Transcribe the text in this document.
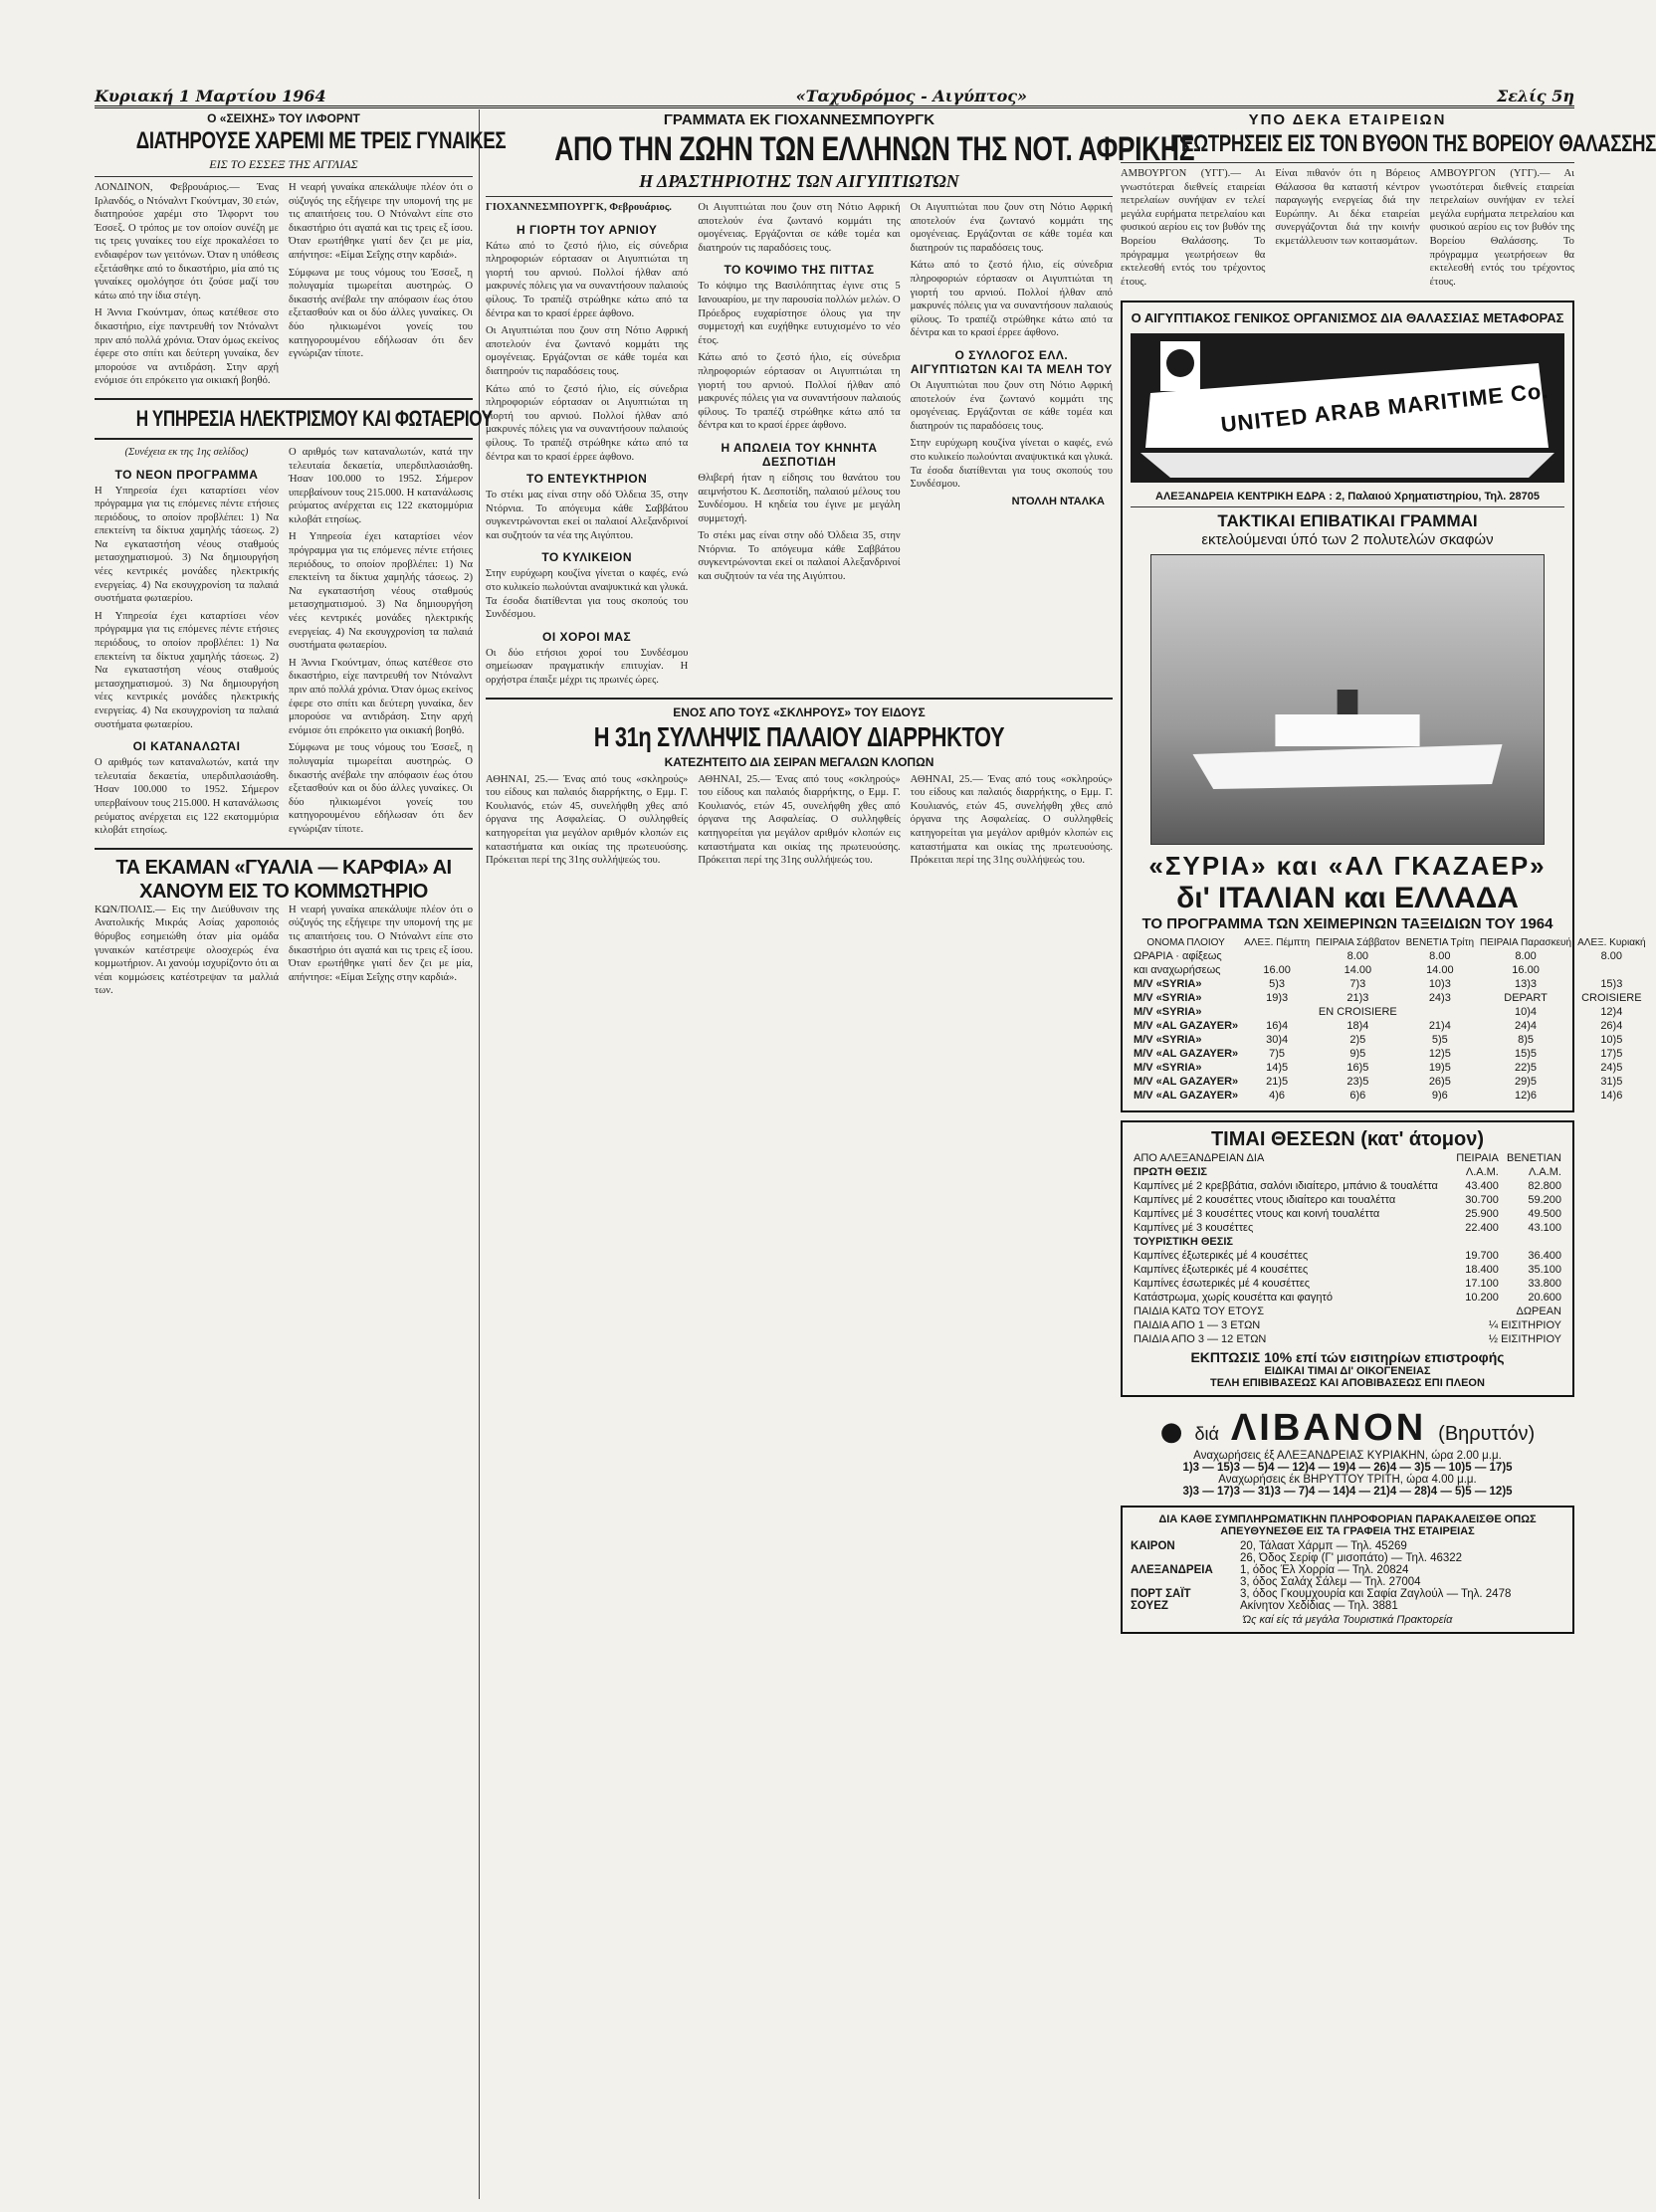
Κυριακή 1 Μαρτίου 1964	«Ταχυδρόμος - Αιγύπτος»	Σελίς 5η
Ο «ΣΕΙΧΗΣ» ΤΟΥ ΙΛΦΟΡΝΤ
ΔΙΑΤΗΡΟΥΣΕ ΧΑΡΕΜΙ ΜΕ ΤΡΕΙΣ ΓΥΝΑΙΚΕΣ
ΕΙΣ ΤΟ ΕΣΣΕΞ ΤΗΣ ΑΓΓΛΙΑΣ

ΛΟΝΔΙΝΟΝ, Φεβρουάριος.— Ένας Ιρλανδός, ο Ντόναλντ Γκούντμαν, 30 ετών, διατηρούσε χαρέμι στο Ίλφορντ του Έσσεξ. Ο τρόπος με τον οποίον συνέζη με τις τρεις γυναίκες του είχε προκαλέσει το ενδιαφέρον των γειτόνων. Όταν η υπόθεσις εξετάσθηκε από το δικαστήριο, μία από τις γυναίκες ομολόγησε ότι ζούσε μαζί του κάτω από την ίδια στέγη.

Η Άννια Γκούντμαν, όπως κατέθεσε στο δικαστήριο, είχε παντρευθή τον Ντόναλντ πριν από πολλά χρόνια. Όταν όμως εκείνος έφερε στο σπίτι και δεύτερη γυναίκα, δεν μπορούσε να αντιδράση. Στην αρχή ενόμισε ότι επρόκειτο για οικιακή βοηθό.

Η νεαρή γυναίκα απεκάλυψε πλέον ότι ο σύζυγός της εξήγειρε την υπομονή της με τις απαιτήσεις του. Ο Ντόναλντ είπε στο δικαστήριο ότι αγαπά και τις τρεις εξ ίσου. Όταν ερωτήθηκε γιατί δεν ζει με μία, απήντησε: «Είμαι Σεΐχης στην καρδιά».

Σύμφωνα με τους νόμους του Έσσεξ, η πολυγαμία τιμωρείται αυστηρώς. Ο δικαστής ανέβαλε την απόφασιν έως ότου εξετασθούν και οι δύο άλλες γυναίκες. Οι δύο ηλικιωμένοι γονείς του κατηγορουμένου εδήλωσαν ότι δεν εγνώριζαν τίποτε.

Η ΥΠΗΡΕΣΙΑ ΗΛΕΚΤΡΙΣΜΟΥ ΚΑΙ ΦΩΤΑΕΡΙΟΥ

(Συνέχεια εκ της 1ης σελίδος)

ΤΟ ΝΕΟΝ ΠΡΟΓΡΑΜΜΑ

Η Υπηρεσία έχει καταρτίσει νέον πρόγραμμα για τις επόμενες πέντε ετήσιες περιόδους, το οποίον προβλέπει: 1) Να επεκτείνη τα δίκτυα χαμηλής τάσεως. 2) Να εγκαταστήση νέους σταθμούς μετασχηματισμού. 3) Να δημιουργήση νέες κεντρικές μονάδες ηλεκτρικής ενεργείας. 4) Να εκσυγχρονίση τα παλαιά συστήματα φωταερίου.

Η Υπηρεσία έχει καταρτίσει νέον πρόγραμμα για τις επόμενες πέντε ετήσιες περιόδους, το οποίον προβλέπει: 1) Να επεκτείνη τα δίκτυα χαμηλής τάσεως. 2) Να εγκαταστήση νέους σταθμούς μετασχηματισμού. 3) Να δημιουργήση νέες κεντρικές μονάδες ηλεκτρικής ενεργείας. 4) Να εκσυγχρονίση τα παλαιά συστήματα φωταερίου.

ΟΙ ΚΑΤΑΝΑΛΩΤΑΙ

Ο αριθμός των καταναλωτών, κατά την τελευταία δεκαετία, υπερδιπλασιάσθη. Ήσαν 100.000 το 1952. Σήμερον υπερβαίνουν τους 215.000. Η κατανάλωσις ρεύματος ανέρχεται εις 122 εκατομμύρια κιλοβάτ ετησίως.

Ο αριθμός των καταναλωτών, κατά την τελευταία δεκαετία, υπερδιπλασιάσθη. Ήσαν 100.000 το 1952. Σήμερον υπερβαίνουν τους 215.000. Η κατανάλωσις ρεύματος ανέρχεται εις 122 εκατομμύρια κιλοβάτ ετησίως.

Η Υπηρεσία έχει καταρτίσει νέον πρόγραμμα για τις επόμενες πέντε ετήσιες περιόδους, το οποίον προβλέπει: 1) Να επεκτείνη τα δίκτυα χαμηλής τάσεως. 2) Να εγκαταστήση νέους σταθμούς μετασχηματισμού. 3) Να δημιουργήση νέες κεντρικές μονάδες ηλεκτρικής ενεργείας. 4) Να εκσυγχρονίση τα παλαιά συστήματα φωταερίου.

Η Άννια Γκούντμαν, όπως κατέθεσε στο δικαστήριο, είχε παντρευθή τον Ντόναλντ πριν από πολλά χρόνια. Όταν όμως εκείνος έφερε στο σπίτι και δεύτερη γυναίκα, δεν μπορούσε να αντιδράση. Στην αρχή ενόμισε ότι επρόκειτο για οικιακή βοηθό.

Σύμφωνα με τους νόμους του Έσσεξ, η πολυγαμία τιμωρείται αυστηρώς. Ο δικαστής ανέβαλε την απόφασιν έως ότου εξετασθούν και οι δύο άλλες γυναίκες. Οι δύο ηλικιωμένοι γονείς του κατηγορουμένου εδήλωσαν ότι δεν εγνώριζαν τίποτε.

ΤΑ ΕΚΑΜΑΝ «ΓΥΑΛΙΑ — ΚΑΡΦΙΑ» ΑΙ ΧΑΝΟΥΜ ΕΙΣ ΤΟ ΚΟΜΜΩΤΗΡΙΟ

ΚΩΝ/ΠΟΛΙΣ.— Εις την Διεύθυνσιν της Ανατολικής Μικράς Ασίας χαροποιός θόρυβος εσημειώθη όταν μία ομάδα γυναικών κατέστρεψε ολοσχερώς ένα κομμωτήριον. Αι χανούμ ισχυρίζοντο ότι αι νέαι κομμώσεις κατέστρεψαν τα μαλλιά των.

Η νεαρή γυναίκα απεκάλυψε πλέον ότι ο σύζυγός της εξήγειρε την υπομονή της με τις απαιτήσεις του. Ο Ντόναλντ είπε στο δικαστήριο ότι αγαπά και τις τρεις εξ ίσου. Όταν ερωτήθηκε γιατί δεν ζει με μία, απήντησε: «Είμαι Σεΐχης στην καρδιά».

ΓΡΑΜΜΑΤΑ ΕΚ ΓΙΟΧΑΝΝΕΣΜΠΟΥΡΓΚ
ΑΠΟ ΤΗΝ ΖΩΗΝ ΤΩΝ ΕΛΛΗΝΩΝ ΤΗΣ ΝΟΤ. ΑΦΡΙΚΗΣ
Η ΔΡΑΣΤΗΡΙΟΤΗΣ ΤΩΝ ΑΙΓΥΠΤΙΩΤΩΝ

ΓΙΟΧΑΝΝΕΣΜΠΟΥΡΓΚ, Φεβρουάριος.

Η ΓΙΟΡΤΗ ΤΟΥ ΑΡΝΙΟΥ

Κάτω από το ζεστό ήλιο, είς σύνεδρια πληροφοριών εόρτασαν οι Αιγυπτιώται τη γιορτή του αρνιού. Πολλοί ήλθαν από μακρυνές πόλεις για να συναντήσουν παλαιούς φίλους. Το τραπέζι στρώθηκε κάτω από τα δέντρα και το κρασί έρρεε άφθονο.

Οι Αιγυπτιώται που ζουν στη Νότιο Αφρική αποτελούν ένα ζωντανό κομμάτι της ομογένειας. Εργάζονται σε κάθε τομέα και διατηρούν τις παραδόσεις τους.

Κάτω από το ζεστό ήλιο, είς σύνεδρια πληροφοριών εόρτασαν οι Αιγυπτιώται τη γιορτή του αρνιού. Πολλοί ήλθαν από μακρυνές πόλεις για να συναντήσουν παλαιούς φίλους. Το τραπέζι στρώθηκε κάτω από τα δέντρα και το κρασί έρρεε άφθονο.

ΤΟ ΕΝΤΕΥΚΤΗΡΙΟΝ

Το στέκι μας είναι στην οδό Όλδεια 35, στην Ντόρνια. Το απόγευμα κάθε Σαββάτου συγκεντρώνονται εκεί οι παλαιοί Αλεξανδρινοί και συζητούν τα νέα της Αιγύπτου.

ΤΟ ΚΥΛΙΚΕΙΟΝ

Στην ευρύχωρη κουζίνα γίνεται ο καφές, ενώ στο κυλικείο πωλούνται αναψυκτικά και γλυκά. Τα έσοδα διατίθενται για τους σκοπούς του Συνδέσμου.

ΟΙ ΧΟΡΟΙ ΜΑΣ

Οι δύο ετήσιοι χοροί του Συνδέσμου σημείωσαν πραγματικήν επιτυχίαν. Η ορχήστρα έπαιξε μέχρι τις πρωινές ώρες.

Οι Αιγυπτιώται που ζουν στη Νότιο Αφρική αποτελούν ένα ζωντανό κομμάτι της ομογένειας. Εργάζονται σε κάθε τομέα και διατηρούν τις παραδόσεις τους.

ΤΟ ΚΟΨΙΜΟ ΤΗΣ ΠΙΤΤΑΣ

Το κόψιμο της Βασιλόπηττας έγινε στις 5 Ιανουαρίου, με την παρουσία πολλών μελών. Ο Πρόεδρος ευχαρίστησε όλους για την συμμετοχή και ευχήθηκε ευτυχισμένο το νέο έτος.

Κάτω από το ζεστό ήλιο, είς σύνεδρια πληροφοριών εόρτασαν οι Αιγυπτιώται τη γιορτή του αρνιού. Πολλοί ήλθαν από μακρυνές πόλεις για να συναντήσουν παλαιούς φίλους. Το τραπέζι στρώθηκε κάτω από τα δέντρα και το κρασί έρρεε άφθονο.

Η ΑΠΩΛΕΙΑ ΤΟΥ ΚΗΝΗΤΑ ΔΕΣΠΟΤΙΔΗ

Θλιβερή ήταν η είδησις του θανάτου του αειμνήστου Κ. Δεσποτίδη, παλαιού μέλους του Συνδέσμου. Η κηδεία του έγινε με μεγάλη συμμετοχή.

Το στέκι μας είναι στην οδό Όλδεια 35, στην Ντόρνια. Το απόγευμα κάθε Σαββάτου συγκεντρώνονται εκεί οι παλαιοί Αλεξανδρινοί και συζητούν τα νέα της Αιγύπτου.

Οι Αιγυπτιώται που ζουν στη Νότιο Αφρική αποτελούν ένα ζωντανό κομμάτι της ομογένειας. Εργάζονται σε κάθε τομέα και διατηρούν τις παραδόσεις τους.

Κάτω από το ζεστό ήλιο, είς σύνεδρια πληροφοριών εόρτασαν οι Αιγυπτιώται τη γιορτή του αρνιού. Πολλοί ήλθαν από μακρυνές πόλεις για να συναντήσουν παλαιούς φίλους. Το τραπέζι στρώθηκε κάτω από τα δέντρα και το κρασί έρρεε άφθονο.

Ο ΣΥΛΛΟΓΟΣ ΕΛΛ. ΑΙΓΥΠΤΙΩΤΩΝ ΚΑΙ ΤΑ ΜΕΛΗ ΤΟΥ

Οι Αιγυπτιώται που ζουν στη Νότιο Αφρική αποτελούν ένα ζωντανό κομμάτι της ομογένειας. Εργάζονται σε κάθε τομέα και διατηρούν τις παραδόσεις τους.

Στην ευρύχωρη κουζίνα γίνεται ο καφές, ενώ στο κυλικείο πωλούνται αναψυκτικά και γλυκά. Τα έσοδα διατίθενται για τους σκοπούς του Συνδέσμου.

ΝΤΟΛΛΗ ΝΤΑΛΚΑ
ΕΝΟΣ ΑΠΟ ΤΟΥΣ «ΣΚΛΗΡΟΥΣ» ΤΟΥ ΕΙΔΟΥΣ
Η 31η ΣΥΛΛΗΨΙΣ ΠΑΛΑΙΟΥ ΔΙΑΡΡΗΚΤΟΥ
ΚΑΤΕΖΗΤΕΙΤΟ ΔΙΑ ΣΕΙΡΑΝ ΜΕΓΑΛΩΝ ΚΛΟΠΩΝ

ΑΘΗΝΑΙ, 25.— Ένας από τους «σκληρούς» του είδους και παλαιός διαρρήκτης, ο Εμμ. Γ. Κουλιανός, ετών 45, συνελήφθη χθες από όργανα της Ασφαλείας. Ο συλληφθείς κατηγορείται για μεγάλον αριθμόν κλοπών εις καταστήματα και οικίας της πρωτευούσης. Πρόκειται περί της 31ης συλλήψεώς του.

ΑΘΗΝΑΙ, 25.— Ένας από τους «σκληρούς» του είδους και παλαιός διαρρήκτης, ο Εμμ. Γ. Κουλιανός, ετών 45, συνελήφθη χθες από όργανα της Ασφαλείας. Ο συλληφθείς κατηγορείται για μεγάλον αριθμόν κλοπών εις καταστήματα και οικίας της πρωτευούσης. Πρόκειται περί της 31ης συλλήψεώς του.

ΑΘΗΝΑΙ, 25.— Ένας από τους «σκληρούς» του είδους και παλαιός διαρρήκτης, ο Εμμ. Γ. Κουλιανός, ετών 45, συνελήφθη χθες από όργανα της Ασφαλείας. Ο συλληφθείς κατηγορείται για μεγάλον αριθμόν κλοπών εις καταστήματα και οικίας της πρωτευούσης. Πρόκειται περί της 31ης συλλήψεώς του.

ΥΠΟ ΔΕΚΑ ΕΤΑΙΡΕΙΩΝ
ΓΕΩΤΡΗΣΕΙΣ ΕΙΣ ΤΟΝ ΒΥΘΟΝ ΤΗΣ ΒΟΡΕΙΟΥ ΘΑΛΑΣΣΗΣ

ΑΜΒΟΥΡΓΟΝ (ΥΓΓ).— Αι γνωστότεραι διεθνείς εταιρείαι πετρελαίων συνήψαν εν τελεί μεγάλα ευρήματα πετρελαίου και φυσικού αερίου εις τον βυθόν της Βορείου Θαλάσσης. Το πρόγραμμα γεωτρήσεων θα εκτελεσθή εντός του τρέχοντος έτους.

Είναι πιθανόν ότι η Βόρειος Θάλασσα θα καταστή κέντρον παραγωγής ενεργείας διά την Ευρώπην. Αι δέκα εταιρείαι συνεργάζονται διά την κοινήν εκμετάλλευσιν των κοιτασμάτων.

ΑΜΒΟΥΡΓΟΝ (ΥΓΓ).— Αι γνωστότεραι διεθνείς εταιρείαι πετρελαίων συνήψαν εν τελεί μεγάλα ευρήματα πετρελαίου και φυσικού αερίου εις τον βυθόν της Βορείου Θαλάσσης. Το πρόγραμμα γεωτρήσεων θα εκτελεσθή εντός του τρέχοντος έτους.

Ο ΑΙΓΥΠΤΙΑΚΟΣ ΓΕΝΙΚΟΣ ΟΡΓΑΝΙΣΜΟΣ ΔΙΑ ΘΑΛΑΣΣΙΑΣ ΜΕΤΑΦΟΡΑΣ
UNITED ARAB MARITIME Co.
ΑΛΕΞΑΝΔΡΕΙΑ ΚΕΝΤΡΙΚΗ ΕΔΡΑ : 2, Παλαιού Χρηματιστηρίου, Τηλ. 28705
ΤΑΚΤΙΚΑΙ ΕΠΙΒΑΤΙΚΑΙ ΓΡΑΜΜΑΙ
εκτελούμεναι ύπό των 2 πολυτελών σκαφών
«ΣΥΡΙΑ» και «ΑΛ ΓΚΑΖΑΕΡ»
δι' ΙΤΑΛΙΑΝ και ΕΛΛΑΔΑ
ΤΟ ΠΡΟΓΡΑΜΜΑ ΤΩΝ ΧΕΙΜΕΡΙΝΩΝ ΤΑΞΕΙΔΙΩΝ ΤΟΥ 1964
ΟΝΟΜΑ ΠΛΟΙΟΥ	ΑΛΕΞ. Πέμπτη	ΠΕΙΡΑΙΑ Σάββατον	ΒΕΝΕΤΙΑ Τρίτη	ΠΕΙΡΑΙΑ Παρασκευή	ΑΛΕΞ. Κυριακή
ΩΡΑΡΙΑ · αφίξεως		8.00	8.00	8.00	8.00
και αναχωρήσεως	16.00	14.00	14.00	16.00	
Μ/V «SYRIA»	5)3	7)3	10)3	13)3	15)3
Μ/V «SYRIA»	19)3	21)3	24)3	DEPART	CROISIERE
Μ/V «SYRIA»		EN CROISIERE		10)4	12)4
Μ/V «AL GAZAYER»	16)4	18)4	21)4	24)4	26)4
Μ/V «SYRIA»	30)4	2)5	5)5	8)5	10)5
Μ/V «AL GAZAYER»	7)5	9)5	12)5	15)5	17)5
Μ/V «SYRIA»	14)5	16)5	19)5	22)5	24)5
Μ/V «AL GAZAYER»	21)5	23)5	26)5	29)5	31)5
Μ/V «AL GAZAYER»	4)6	6)6	9)6	12)6	14)6
ΤΙΜΑΙ ΘΕΣΕΩΝ (κατ' άτομον)
ΑΠΟ ΑΛΕΞΑΝΔΡΕΙΑΝ ΔΙΑ	ΠΕΙΡΑΙΑ	ΒΕΝΕΤΙΑΝ
ΠΡΩΤΗ ΘΕΣΙΣ	Λ.Α.Μ.	Λ.Α.Μ.
Καμπίνες μέ 2 κρεββάτια, σαλόνι ιδιαίτερο, μπάνιο & τουαλέττα	43.400	82.800
Καμπίνες μέ 2 κουσέττες ντους ιδιαίτερο και τουαλέττα	30.700	59.200
Καμπίνες μέ 3 κουσέττες ντους και κοινή τουαλέττα	25.900	49.500
Καμπίνες μέ 3 κουσέττες	22.400	43.100
ΤΟΥΡΙΣΤΙΚΗ ΘΕΣΙΣ		
Καμπίνες έξωτερικές μέ 4 κουσέττες	19.700	36.400
Καμπίνες έξωτερικές μέ 4 κουσέττες	18.400	35.100
Καμπίνες έσωτερικές μέ 4 κουσέττες	17.100	33.800
Κατάστρωμα, χωρίς κουσέττα και φαγητό	10.200	20.600
ΠΑΙΔΙΑ ΚΑΤΩ ΤΟΥ ΕΤΟΥΣ	ΔΩΡΕΑΝ	
ΠΑΙΔΙΑ ΑΠΟ 1 — 3 ΕΤΩΝ	¼ ΕΙΣΙΤΗΡΙΟΥ	
ΠΑΙΔΙΑ ΑΠΟ 3 — 12 ΕΤΩΝ	½ ΕΙΣΙΤΗΡΙΟΥ	
ΕΚΠΤΩΣΙΣ 10% επί τών εισιτηρίων επιστροφής
ΕΙΔΙΚΑΙ ΤΙΜΑΙ ΔΙ' ΟΙΚΟΓΕΝΕΙΑΣ
ΤΕΛΗ ΕΠΙΒΙΒΑΣΕΩΣ ΚΑΙ ΑΠΟΒΙΒΑΣΕΩΣ ΕΠΙ ΠΛΕΟΝ
● διά ΛΙΒΑΝΟΝ (Βηρυττόν)
Αναχωρήσεις έξ ΑΛΕΞΑΝΔΡΕΙΑΣ ΚΥΡΙΑΚΗΝ, ώρα 2.00 μ.μ.
1)3 — 15)3 — 5)4 — 12)4 — 19)4 — 26)4 — 3)5 — 10)5 — 17)5
Αναχωρήσεις έκ ΒΗΡΥΤΤΟΥ ΤΡΙΤΗ, ώρα 4.00 μ.μ.
3)3 — 17)3 — 31)3 — 7)4 — 14)4 — 21)4 — 28)4 — 5)5 — 12)5
ΔΙΑ ΚΑΘΕ ΣΥΜΠΛΗΡΩΜΑΤΙΚΗΝ ΠΛΗΡΟΦΟΡΙΑΝ ΠΑΡΑΚΑΛΕΙΣΘΕ ΟΠΩΣ ΑΠΕΥΘΥΝΕΣΘΕ ΕΙΣ ΤΑ ΓΡΑΦΕΙΑ ΤΗΣ ΕΤΑΙΡΕΙΑΣ
ΚΑΙΡΟΝ	20, Τάλαατ Χάρμπ — Τηλ. 45269
26, Όδος Σερίφ (Γ' μισοπάτο) — Τηλ. 46322
ΑΛΕΞΑΝΔΡΕΙΑ	1, όδος Έλ Χορρία — Τηλ. 20824
3, όδος Σαλάχ Σάλεμ — Τηλ. 27004
ΠΟΡΤ ΣΑΪΤ	3, όδος Γκουμχουρία και Σαφία Ζαγλούλ — Τηλ. 2478
ΣΟΥΕΖ	Ακίνητον Χεδίδιας — Τηλ. 3881
Ώς καί είς τά μεγάλα Τουριστικά Πρακτορεία
